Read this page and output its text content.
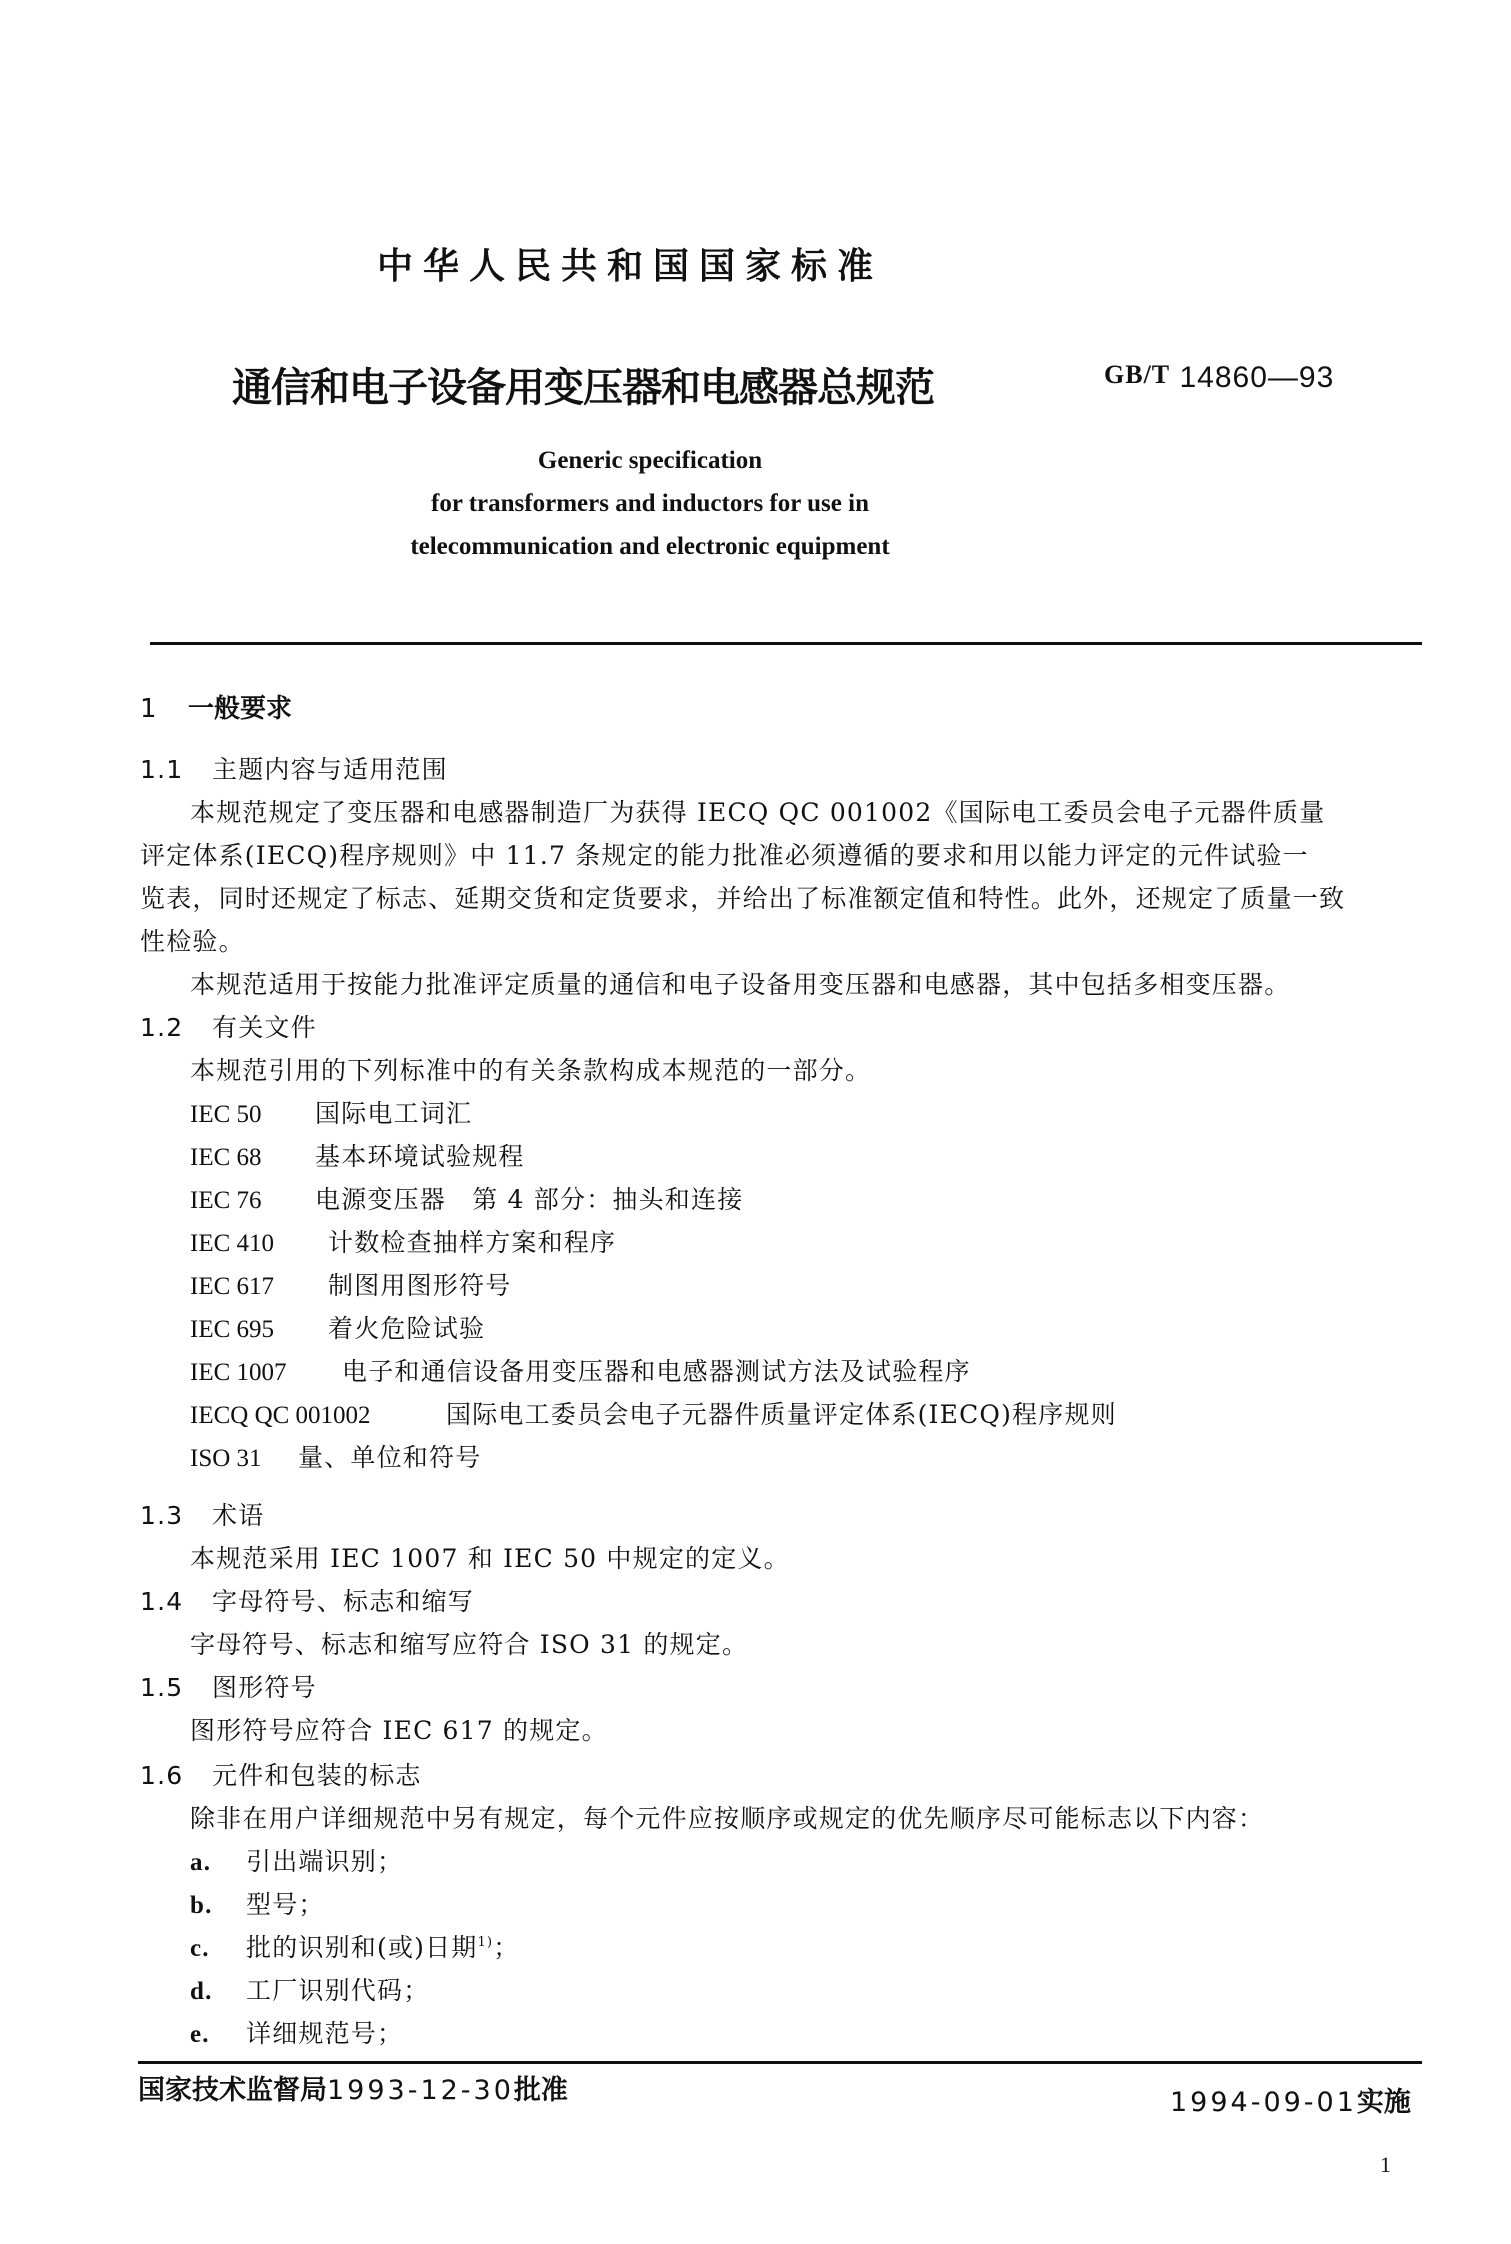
中华人民共和国国家标准
通信和电子设备用变压器和电感器总规范	GB/T 14860—93
Generic specification
for transformers and inductors for use in
telecommunication and electronic equipment
1 一般要求
1.1 主题内容与适用范围
本规范规定了变压器和电感器制造厂为获得 IECQ QC 001002《国际电工委员会电子元器件质量
评定体系(IECQ)程序规则》中 11.7 条规定的能力批准必须遵循的要求和用以能力评定的元件试验一
览表，同时还规定了标志、延期交货和定货要求，并给出了标准额定值和特性。此外，还规定了质量一致
性检验。
本规范适用于按能力批准评定质量的通信和电子设备用变压器和电感器，其中包括多相变压器。
1.2 有关文件
本规范引用的下列标准中的有关条款构成本规范的一部分。
IEC 50 国际电工词汇
IEC 68 基本环境试验规程
IEC 76 电源变压器　第 4 部分：抽头和连接
IEC 410 计数检查抽样方案和程序
IEC 617 制图用图形符号
IEC 695 着火危险试验
IEC 1007 电子和通信设备用变压器和电感器测试方法及试验程序
IECQ QC 001002	国际电工委员会电子元器件质量评定体系(IECQ)程序规则
ISO 31 量、单位和符号
1.3 术语
本规范采用 IEC 1007 和 IEC 50 中规定的定义。
1.4 字母符号、标志和缩写
字母符号、标志和缩写应符合 ISO 31 的规定。
1.5 图形符号
图形符号应符合 IEC 617 的规定。
1.6 元件和包装的标志
除非在用户详细规范中另有规定，每个元件应按顺序或规定的优先顺序尽可能标志以下内容：
a. 引出端识别；
b. 型号；
c. 批的识别和(或)日期$^{1)}$；
d. 工厂识别代码；
e. 详细规范号；
国家技术监督局1993-12-30批准	1994-09-01实施
1
